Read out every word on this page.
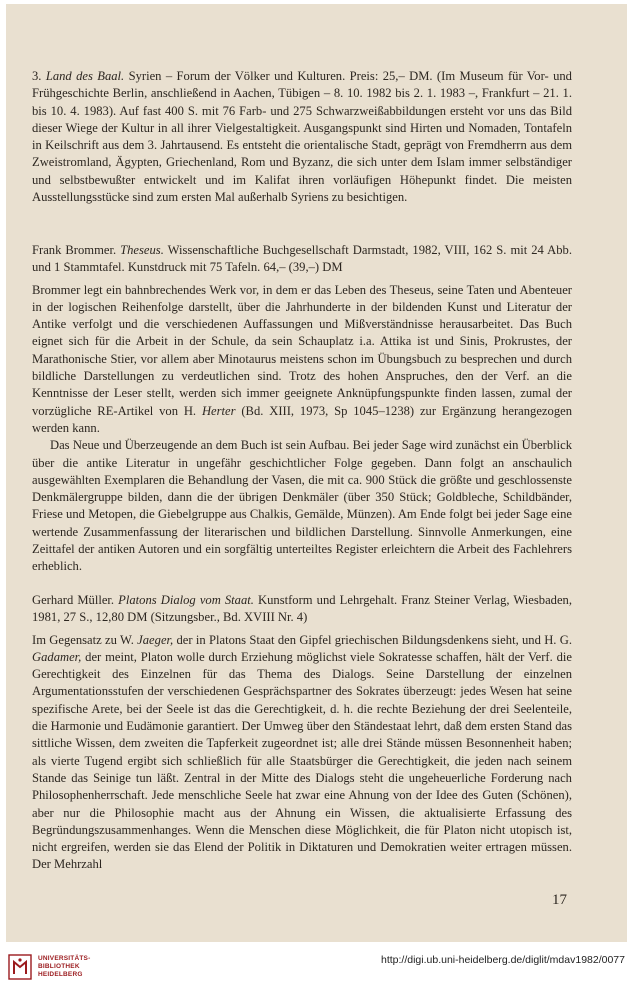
3. Land des Baal. Syrien – Forum der Völker und Kulturen. Preis: 25,– DM. (Im Museum für Vor- und Frühgeschichte Berlin, anschließend in Aachen, Tübigen – 8. 10. 1982 bis 2. 1. 1983 –, Frankfurt – 21. 1. bis 10. 4. 1983). Auf fast 400 S. mit 76 Farb- und 275 Schwarzweißabbildungen ersteht vor uns das Bild dieser Wiege der Kultur in all ihrer Vielgestaltigkeit. Ausgangspunkt sind Hirten und Nomaden, Tontafeln in Keilschrift aus dem 3. Jahrtausend. Es entsteht die orientalische Stadt, geprägt von Fremdherrn aus dem Zweistromland, Ägypten, Griechenland, Rom und Byzanz, die sich unter dem Islam immer selbständiger und selbstbewußter entwickelt und im Kalifat ihren vorläufigen Höhepunkt findet. Die meisten Ausstellungsstücke sind zum ersten Mal außerhalb Syriens zu besichtigen.

Frank Brommer. Theseus. Wissenschaftliche Buchgesellschaft Darmstadt, 1982, VIII, 162 S. mit 24 Abb. und 1 Stammtafel. Kunstdruck mit 75 Tafeln. 64,– (39,–) DM

Brommer legt ein bahnbrechendes Werk vor, in dem er das Leben des Theseus, seine Taten und Abenteuer in der logischen Reihenfolge darstellt, über die Jahrhunderte in der bildenden Kunst und Literatur der Antike verfolgt und die verschiedenen Auffassungen und Mißverständnisse herausarbeitet. Das Buch eignet sich für die Arbeit in der Schule, da sein Schauplatz i.a. Attika ist und Sinis, Prokrustes, der Marathonische Stier, vor allem aber Minotaurus meistens schon im Übungsbuch zu besprechen und durch bildliche Darstellungen zu verdeutlichen sind. Trotz des hohen Anspruches, den der Verf. an die Kenntnisse der Leser stellt, werden sich immer geeignete Anknüpfungspunkte finden lassen, zumal der vorzügliche RE-Artikel von H. Herter (Bd. XIII, 1973, Sp 1045–1238) zur Ergänzung herangezogen werden kann.

Das Neue und Überzeugende an dem Buch ist sein Aufbau. Bei jeder Sage wird zunächst ein Überblick über die antike Literatur in ungefähr geschichtlicher Folge gegeben. Dann folgt an anschaulich ausgewählten Exemplaren die Behandlung der Vasen, die mit ca. 900 Stück die größte und geschlossenste Denkmälergruppe bilden, dann die der übrigen Denkmäler (über 350 Stück; Goldbleche, Schildbänder, Friese und Metopen, die Giebelgruppe aus Chalkis, Gemälde, Münzen). Am Ende folgt bei jeder Sage eine wertende Zusammenfassung der literarischen und bildlichen Darstellung. Sinnvolle Anmerkungen, eine Zeittafel der antiken Autoren und ein sorgfältig unterteiltes Register erleichtern die Arbeit des Fachlehrers erheblich.

Gerhard Müller. Platons Dialog vom Staat. Kunstform und Lehrgehalt. Franz Steiner Verlag, Wiesbaden, 1981, 27 S., 12,80 DM (Sitzungsber., Bd. XVIII Nr. 4)

Im Gegensatz zu W. Jaeger, der in Platons Staat den Gipfel griechischen Bildungsdenkens sieht, und H. G. Gadamer, der meint, Platon wolle durch Erziehung möglichst viele Sokratesse schaffen, hält der Verf. die Gerechtigkeit des Einzelnen für das Thema des Dialogs. Seine Darstellung der einzelnen Argumentationsstufen der verschiedenen Gesprächspartner des Sokrates überzeugt: jedes Wesen hat seine spezifische Arete, bei der Seele ist das die Gerechtigkeit, d. h. die rechte Beziehung der drei Seelenteile, die Harmonie und Eudämonie garantiert. Der Umweg über den Ständestaat lehrt, daß dem ersten Stand das sittliche Wissen, dem zweiten die Tapferkeit zugeordnet ist; alle drei Stände müssen Besonnenheit haben; als vierte Tugend ergibt sich schließlich für alle Staatsbürger die Gerechtigkeit, die jeden nach seinem Stande das Seinige tun läßt. Zentral in der Mitte des Dialogs steht die ungeheuerliche Forderung nach Philosophenherrschaft. Jede menschliche Seele hat zwar eine Ahnung von der Idee des Guten (Schönen), aber nur die Philosophie macht aus der Ahnung ein Wissen, die aktualisierte Erfassung des Begründungszusammenhanges. Wenn die Menschen diese Möglichkeit, die für Platon nicht utopisch ist, nicht ergreifen, werden sie das Elend der Politik in Diktaturen und Demokratien weiter ertragen müssen. Der Mehrzahl

17
UNIVERSITÄTS-
BIBLIOTHEK
HEIDELBERG
http://digi.ub.uni-heidelberg.de/diglit/mdav1982/0077
